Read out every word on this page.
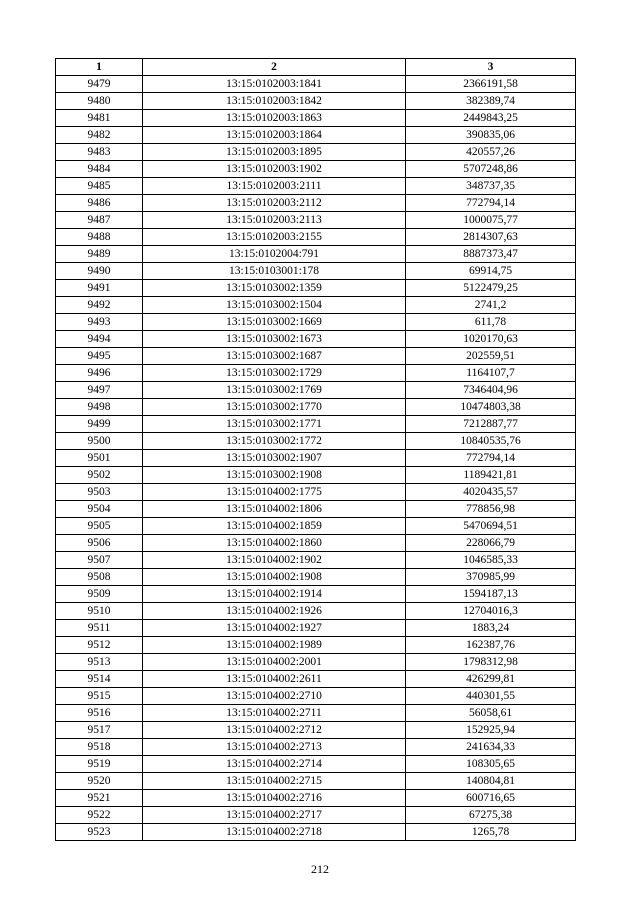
1	2	3
9479	13:15:0102003:1841	2366191,58
9480	13:15:0102003:1842	382389,74
9481	13:15:0102003:1863	2449843,25
9482	13:15:0102003:1864	390835,06
9483	13:15:0102003:1895	420557,26
9484	13:15:0102003:1902	5707248,86
9485	13:15:0102003:2111	348737,35
9486	13:15:0102003:2112	772794,14
9487	13:15:0102003:2113	1000075,77
9488	13:15:0102003:2155	2814307,63
9489	13:15:0102004:791	8887373,47
9490	13:15:0103001:178	69914,75
9491	13:15:0103002:1359	5122479,25
9492	13:15:0103002:1504	2741,2
9493	13:15:0103002:1669	611,78
9494	13:15:0103002:1673	1020170,63
9495	13:15:0103002:1687	202559,51
9496	13:15:0103002:1729	1164107,7
9497	13:15:0103002:1769	7346404,96
9498	13:15:0103002:1770	10474803,38
9499	13:15:0103002:1771	7212887,77
9500	13:15:0103002:1772	10840535,76
9501	13:15:0103002:1907	772794,14
9502	13:15:0103002:1908	1189421,81
9503	13:15:0104002:1775	4020435,57
9504	13:15:0104002:1806	778856,98
9505	13:15:0104002:1859	5470694,51
9506	13:15:0104002:1860	228066,79
9507	13:15:0104002:1902	1046585,33
9508	13:15:0104002:1908	370985,99
9509	13:15:0104002:1914	1594187,13
9510	13:15:0104002:1926	12704016,3
9511	13:15:0104002:1927	1883,24
9512	13:15:0104002:1989	162387,76
9513	13:15:0104002:2001	1798312,98
9514	13:15:0104002:2611	426299,81
9515	13:15:0104002:2710	440301,55
9516	13:15:0104002:2711	56058,61
9517	13:15:0104002:2712	152925,94
9518	13:15:0104002:2713	241634,33
9519	13:15:0104002:2714	108305,65
9520	13:15:0104002:2715	140804,81
9521	13:15:0104002:2716	600716,65
9522	13:15:0104002:2717	67275,38
9523	13:15:0104002:2718	1265,78
212
